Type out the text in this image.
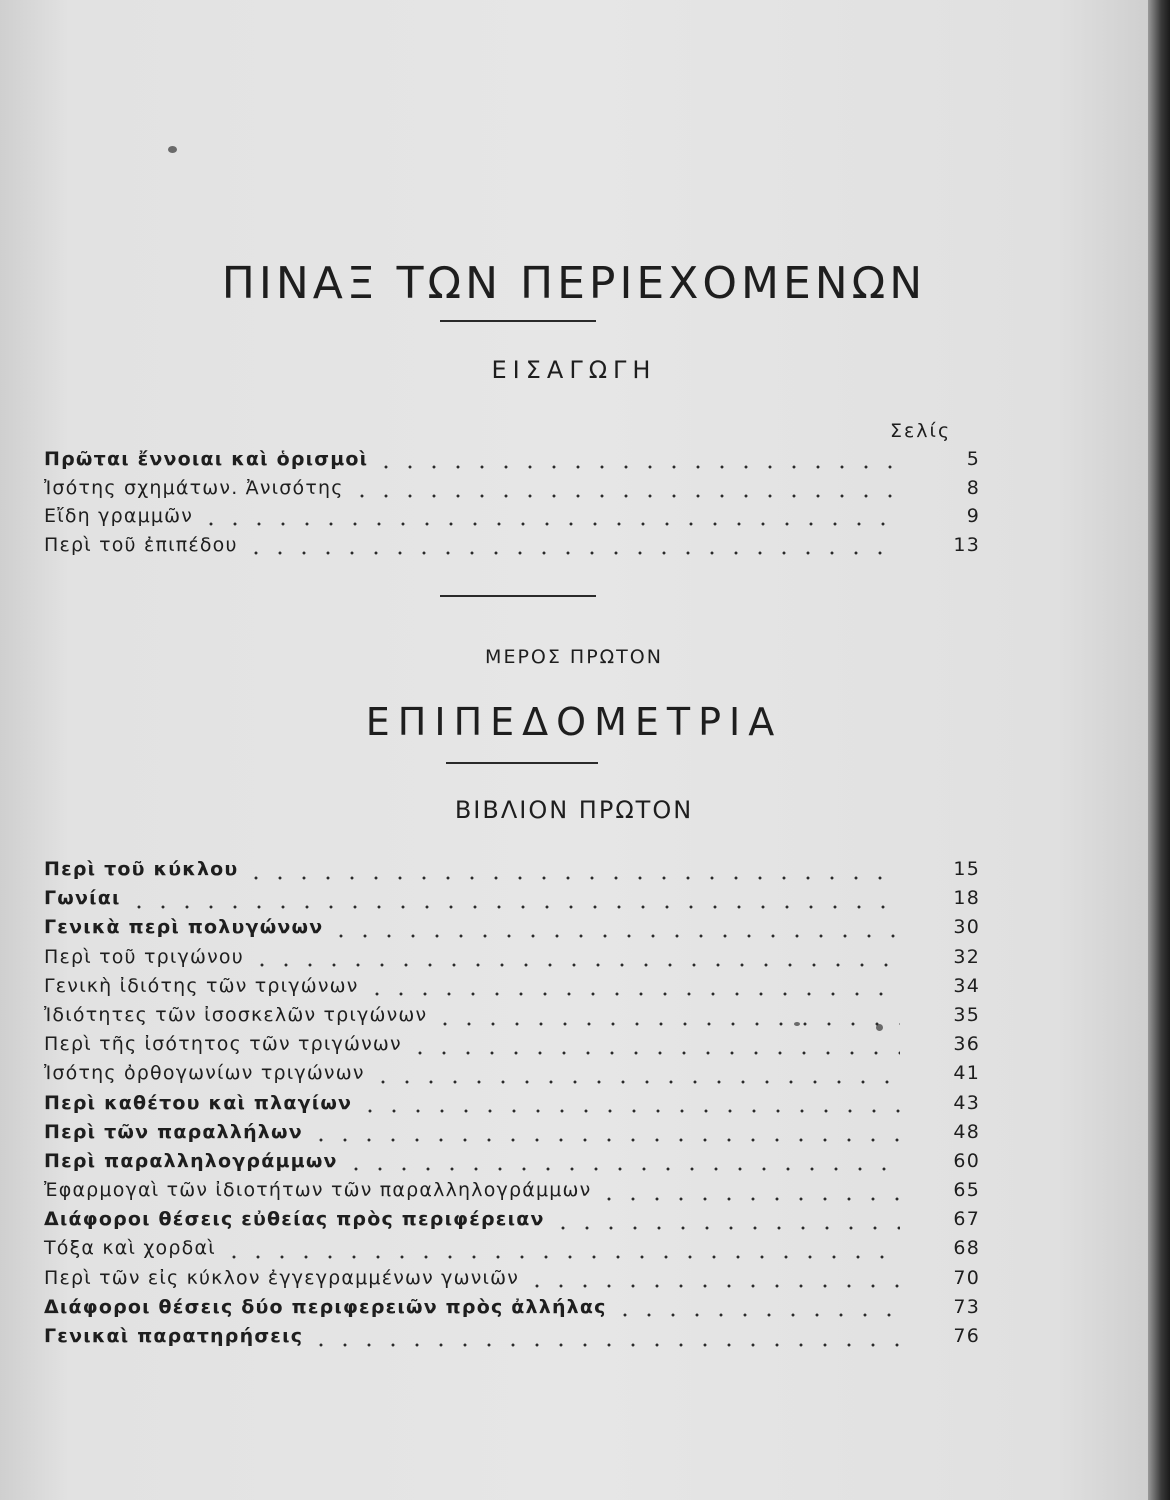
ΠΙΝΑΞ ΤΩΝ ΠΕΡΙΕΧΟΜΕΝΩΝ
ΕΙΣΑΓΩΓΗ
Σελίς
Πρῶται ἔννοιαι καὶ ὁρισμοὶ	5
Ἰσότης σχημάτων. Ἀνισότης	8
Εἴδη γραμμῶν	9
Περὶ τοῦ ἐπιπέδου	13
ΜΕΡΟΣ ΠΡΩΤΟΝ
ΕΠΙΠΕΔΟΜΕΤΡΙΑ
ΒΙΒΛΙΟΝ ΠΡΩΤΟΝ
Περὶ τοῦ κύκλου	15
Γωνίαι	18
Γενικὰ περὶ πολυγώνων	30
Περὶ τοῦ τριγώνου	32
Γενικὴ ἰδιότης τῶν τριγώνων	34
Ἰδιότητες τῶν ἰσοσκελῶν τριγώνων	35
Περὶ τῆς ἰσότητος τῶν τριγώνων	36
Ἰσότης ὀρθογωνίων τριγώνων	41
Περὶ καθέτου καὶ πλαγίων	43
Περὶ τῶν παραλλήλων	48
Περὶ παραλληλογράμμων	60
Ἐφαρμογαὶ τῶν ἰδιοτήτων τῶν παραλληλογράμμων	65
Διάφοροι θέσεις εὐθείας πρὸς περιφέρειαν	67
Τόξα καὶ χορδαὶ	68
Περὶ τῶν εἰς κύκλον ἐγγεγραμμένων γωνιῶν	70
Διάφοροι θέσεις δύο περιφερειῶν πρὸς ἀλλήλας	73
Γενικαὶ παρατηρήσεις	76
